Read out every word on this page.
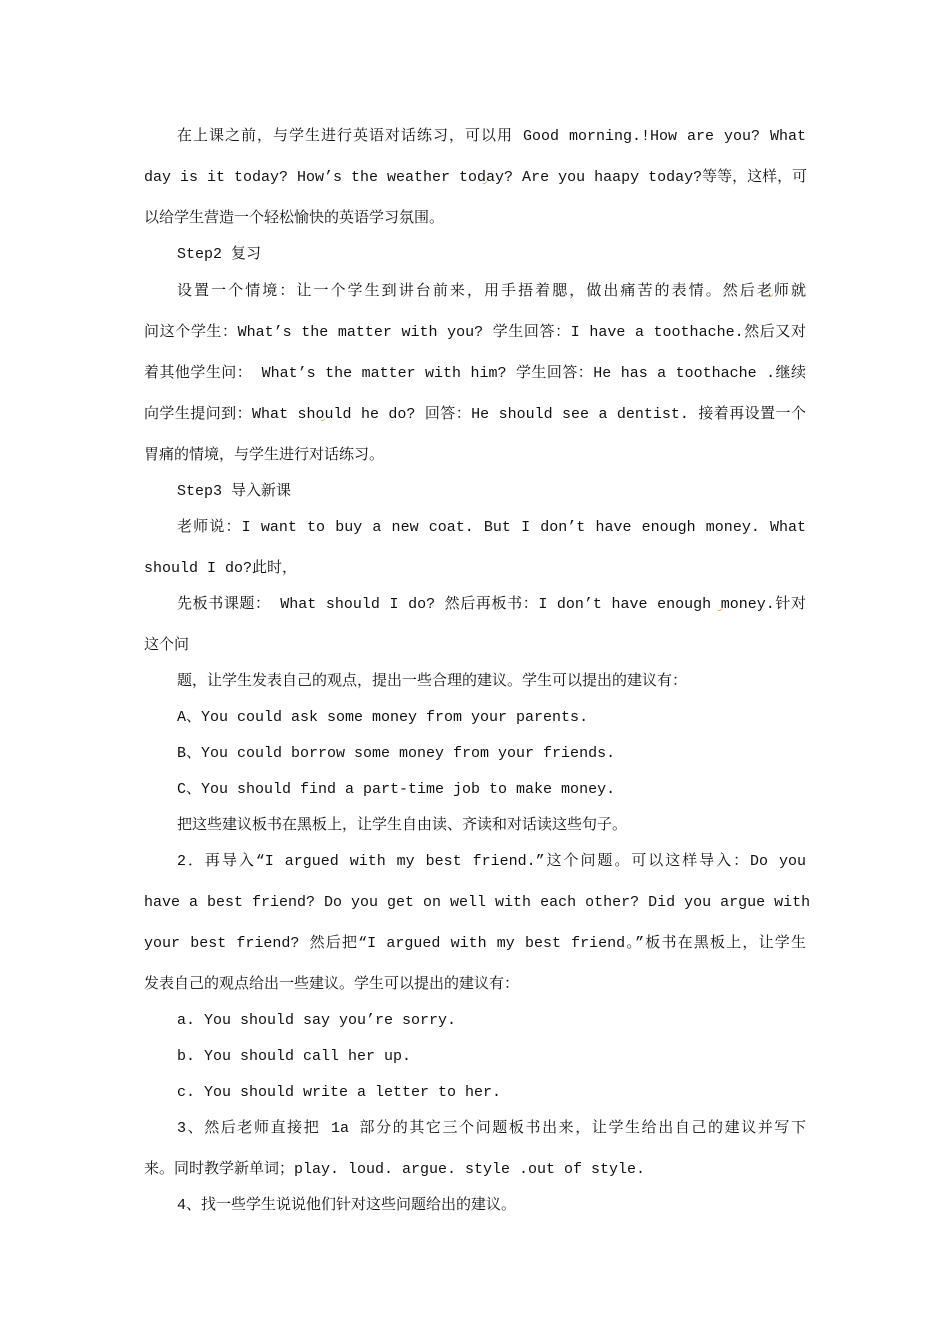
在上课之前，与学生进行英语对话练习，可以用 Good morning.!How are you? What
day is it today? How’s the weather today? Are you haapy today?等等，这样，可
以给学生营造一个轻松愉快的英语学习氛围。
Step2 复习
设置一个情境：让一个学生到讲台前来，用手捂着腮，做出痛苦的表情。然后老师就
问这个学生：What’s the matter with you? 学生回答：I have a toothache.然后又对
着其他学生问： What’s the matter with him? 学生回答：He has a toothache .继续
向学生提问到：What should he do? 回答：He should see a dentist. 接着再设置一个
胃痛的情境，与学生进行对话练习。
Step3 导入新课
老师说：I want to buy a new coat. But I don’t have enough money. What
should I do?此时，
先板书课题： What should I do? 然后再板书：I don’t have enough money.针对
这个问
题，让学生发表自己的观点，提出一些合理的建议。学生可以提出的建议有：
A、You could ask some money from your parents.
B、You could borrow some money from your friends.
C、You should find a part-time job to make money.
把这些建议板书在黑板上，让学生自由读、齐读和对话读这些句子。
2．再导入“I argued with my best friend.”这个问题。可以这样导入：Do you
have a best friend? Do you get on well with each other? Did you argue with
your best friend? 然后把“I argued with my best friend。”板书在黑板上，让学生
发表自己的观点给出一些建议。学生可以提出的建议有：
a. You should say you’re sorry.
b. You should call her up.
c. You should write a letter to her.
3、然后老师直接把 1a 部分的其它三个问题板书出来，让学生给出自己的建议并写下
来。同时教学新单词；play. loud. argue. style .out of style.
4、找一些学生说说他们针对这些问题给出的建议。
